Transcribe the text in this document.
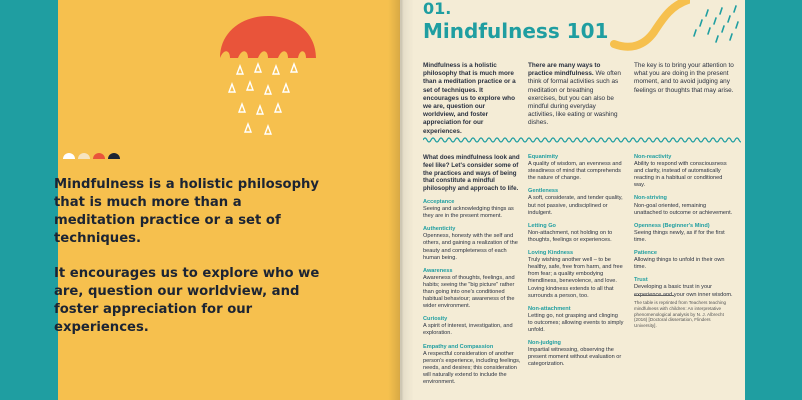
Mindfulness is a holistic philosophy that is much more than a meditation practice or a set of techniques.

It encourages us to explore who we are, question our worldview, and foster appreciation for our experiences.

01.
Mindfulness 101
Mindfulness is a holistic philosophy that is much more than a meditation practice or a set of techniques. It encourages us to explore who we are, question our worldview, and foster appreciation for our experiences.
There are many ways to practice mindfulness. We often think of formal activities such as meditation or breathing exercises, but you can also be mindful during everyday activities, like eating or washing dishes.
The key is to bring your attention to what you are doing in the present moment, and to avoid judging any feelings or thoughts that may arise.
What does mindfulness look and feel like? Let's consider some of the practices and ways of being that constitute a mindful philosophy and approach to life.
Acceptance
Seeing and acknowledging things as they are in the present moment.
Authenticity
Openness, honesty with the self and others, and gaining a realization of the beauty and completeness of each human being.
Awareness
Awareness of thoughts, feelings, and habits; seeing the "big picture" rather than going into one's conditioned habitual behaviour; awareness of the wider environment.
Curiosity
A spirit of interest, investigation, and exploration.
Empathy and Compassion
A respectful consideration of another person's experience, including feelings, needs, and desires; this consideration will naturally extend to include the environment.
Equanimity
A quality of wisdom, an evenness and steadiness of mind that comprehends the nature of change.
Gentleness
A soft, considerate, and tender quality, but not passive, undisciplined or indulgent.
Letting Go
Non-attachment, not holding on to thoughts, feelings or experiences.
Loving Kindness
Truly wishing another well – to be healthy, safe, free from harm, and free from fear; a quality embodying friendliness, benevolence, and love. Loving kindness extends to all that surrounds a person, too.
Non-attachment
Letting go, not grasping and clinging to outcomes; allowing events to simply unfold.
Non-judging
Impartial witnessing, observing the present moment without evaluation or categorization.
Non-reactivity
Ability to respond with consciousness and clarity, instead of automatically reacting in a habitual or conditioned way.
Non-striving
Non-goal oriented, remaining unattached to outcome or achievement.
Openness (Beginner's Mind)
Seeing things newly, as if for the first time.
Patience
Allowing things to unfold in their own time.
Trust
Developing a basic trust in your experience and your own inner wisdom.
The table is reprinted from Teachers teaching mindfulness with children: An interpretative phenomenological analysis by N. J. Albrecht (2016) [Doctoral dissertation, Flinders University].
